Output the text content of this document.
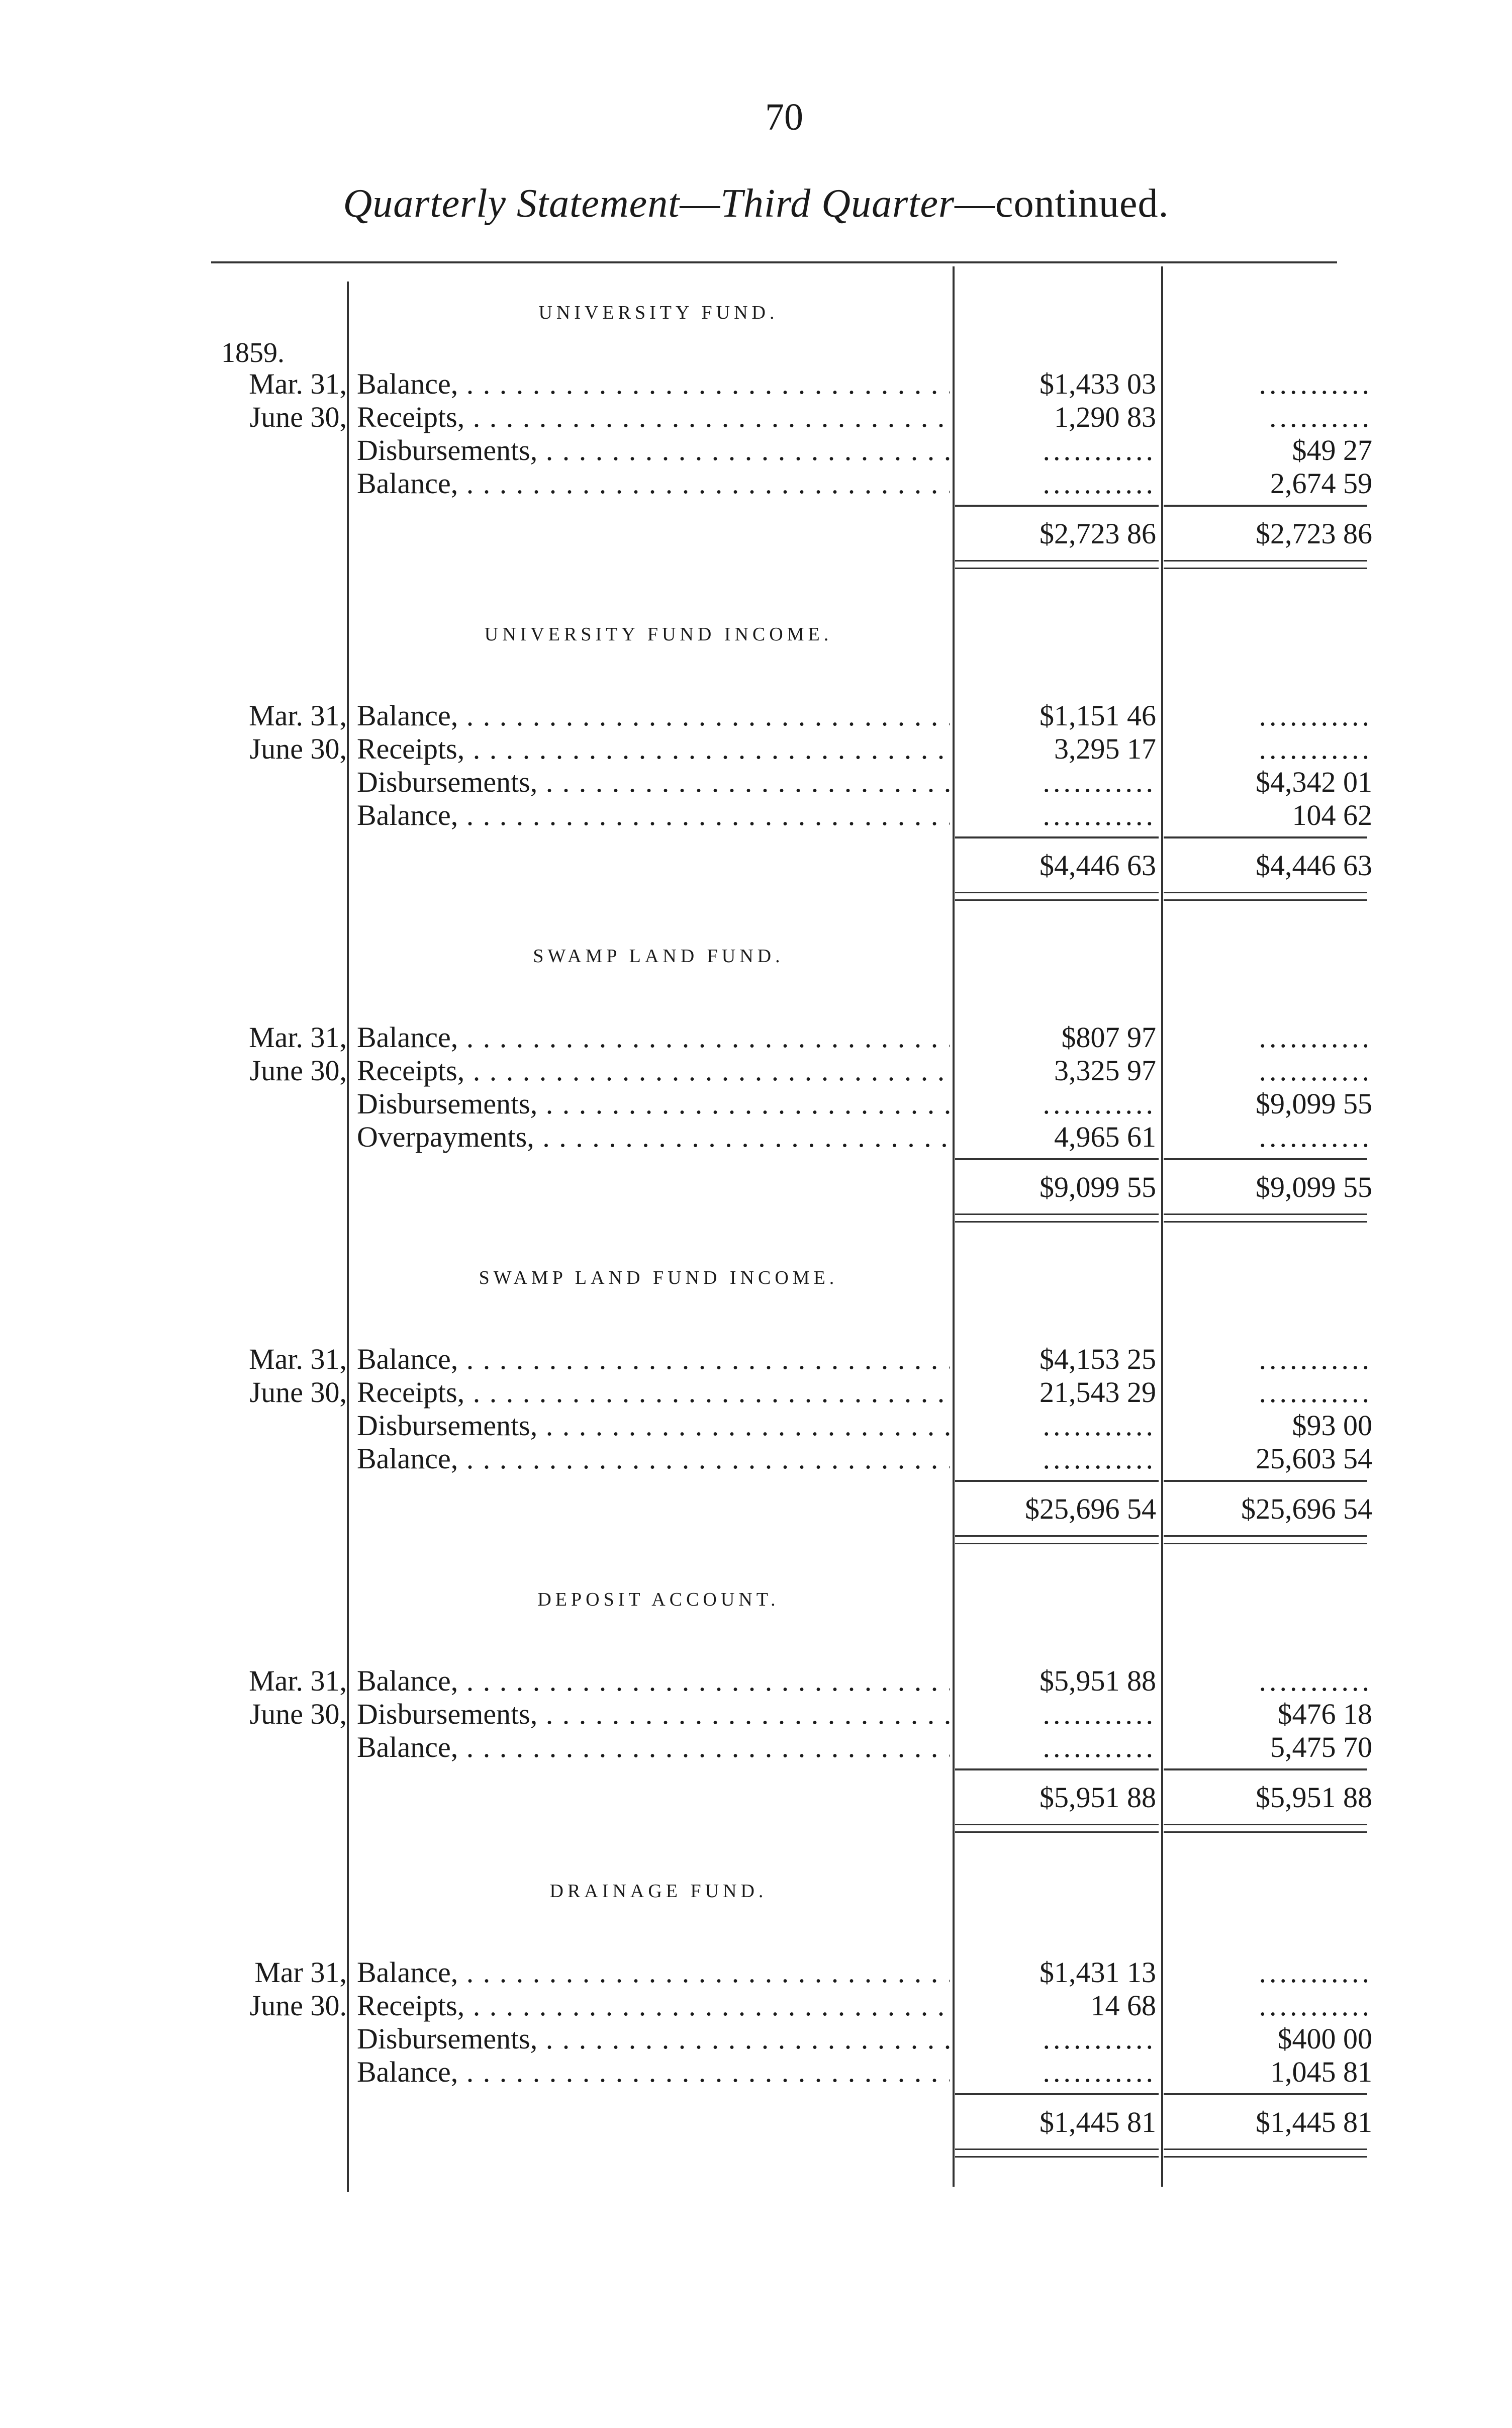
70
Quarterly Statement—Third Quarter—continued.
1859.
UNIVERSITY FUND.
Mar. 31, Balance, . . .	$1,433 03	...........
June 30, Receipts, . . .	1,290 83	..........
Disbursements, . . .	...........	$49 27
Balance, . . .	...........	2,674 59
$2,723 86	$2,723 86
UNIVERSITY FUND INCOME.
Mar. 31, Balance, . . .	$1,151 46	...........
June 30, Receipts, . . .	3,295 17	...........
Disbursements, . . .	...........	$4,342 01
Balance, . . .	...........	104 62
$4,446 63	$4,446 63
SWAMP LAND FUND.
Mar. 31, Balance, . . .	$807 97	...........
June 30, Receipts, . . .	3,325 97	...........
Disbursements, . . .	...........	$9,099 55
Overpayments, . . .	4,965 61	...........
$9,099 55	$9,099 55
SWAMP LAND FUND INCOME.
Mar. 31, Balance, . . .	$4,153 25	...........
June 30, Receipts, . . .	21,543 29	...........
Disbursements, . . .	...........	$93 00
Balance, . . .	...........	25,603 54
$25,696 54	$25,696 54
DEPOSIT ACCOUNT.
Mar. 31, Balance, . . .	$5,951 88	...........
June 30, Disbursements, . . .	...........	$476 18
Balance, . . .	...........	5,475 70
$5,951 88	$5,951 88
DRAINAGE FUND.
Mar 31, Balance, . . .	$1,431 13	...........
June 30. Receipts, . . .	14 68	...........
Disbursements, . . .	...........	$400 00
Balance, . . .	...........	1,045 81
$1,445 81	$1,445 81
